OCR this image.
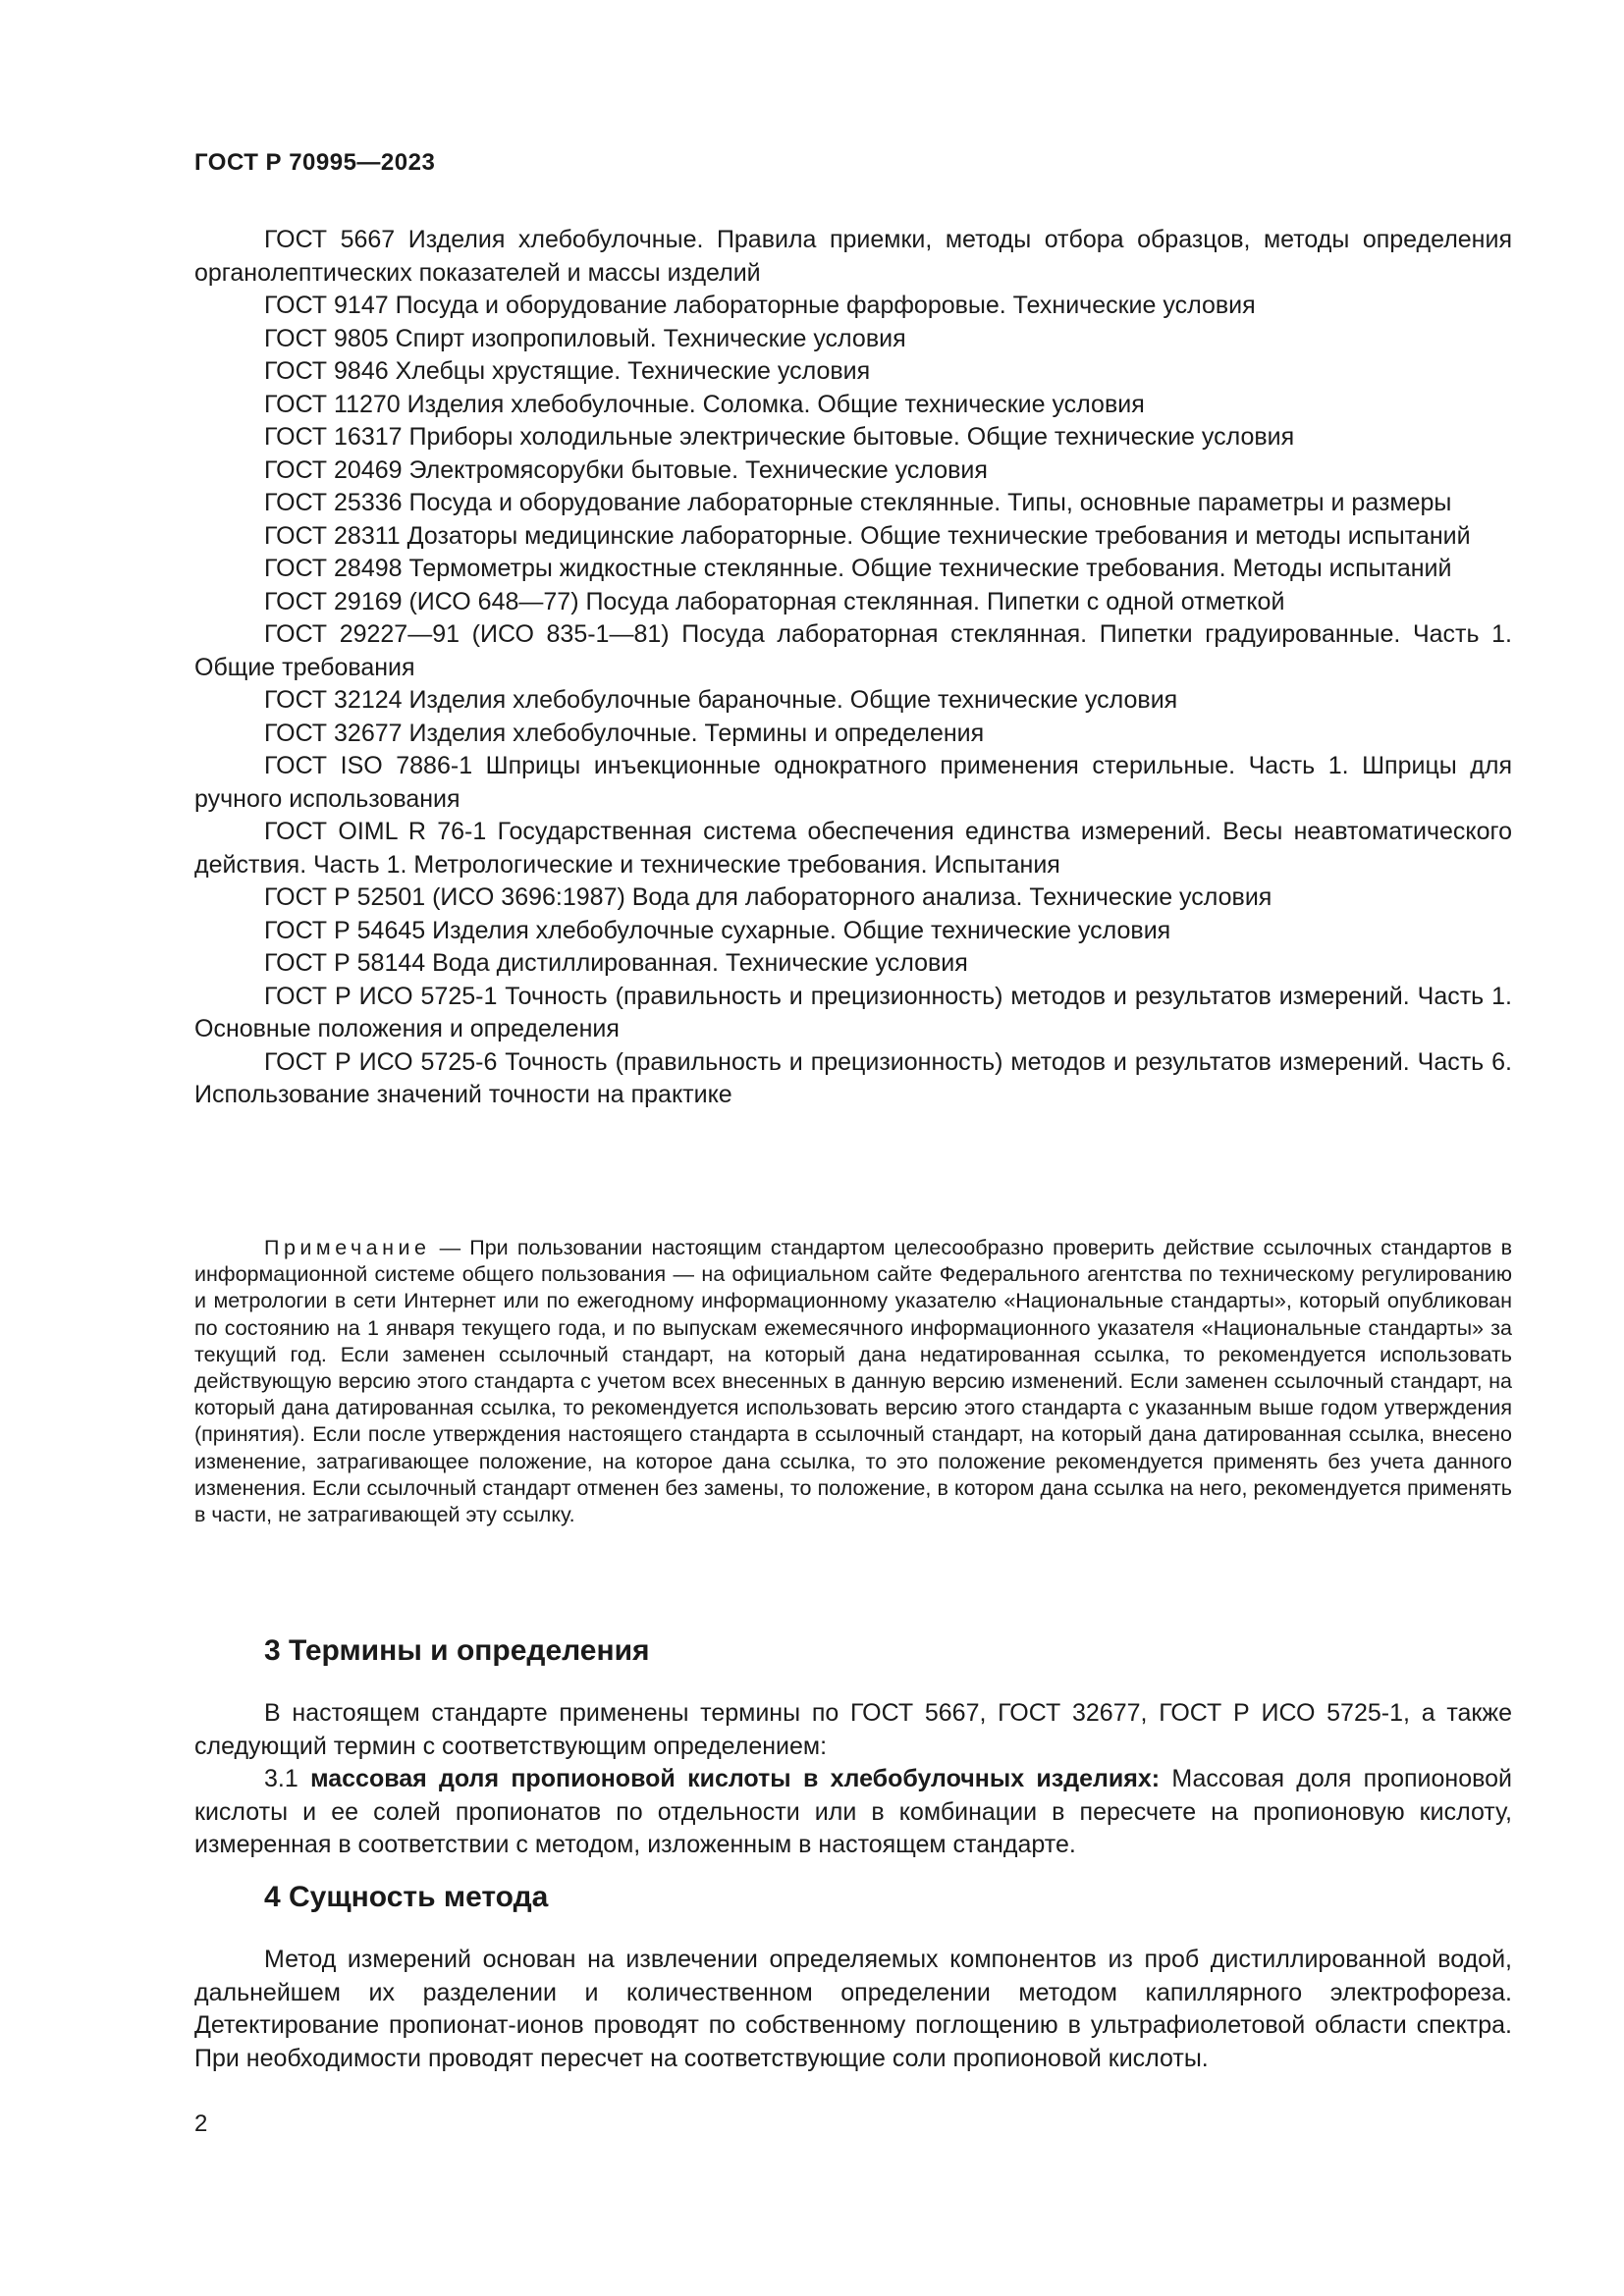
ГОСТ Р 70995—2023

ГОСТ 5667 Изделия хлебобулочные. Правила приемки, методы отбора образцов, методы определения органолептических показателей и массы изделий

ГОСТ 9147 Посуда и оборудование лабораторные фарфоровые. Технические условия

ГОСТ 9805 Спирт изопропиловый. Технические условия

ГОСТ 9846 Хлебцы хрустящие. Технические условия

ГОСТ 11270 Изделия хлебобулочные. Соломка. Общие технические условия

ГОСТ 16317 Приборы холодильные электрические бытовые. Общие технические условия

ГОСТ 20469 Электромясорубки бытовые. Технические условия

ГОСТ 25336 Посуда и оборудование лабораторные стеклянные. Типы, основные параметры и размеры

ГОСТ 28311 Дозаторы медицинские лабораторные. Общие технические требования и методы испытаний

ГОСТ 28498 Термометры жидкостные стеклянные. Общие технические требования. Методы испытаний

ГОСТ 29169 (ИСО 648—77) Посуда лабораторная стеклянная. Пипетки с одной отметкой

ГОСТ 29227—91 (ИСО 835-1—81) Посуда лабораторная стеклянная. Пипетки градуированные. Часть 1. Общие требования

ГОСТ 32124 Изделия хлебобулочные бараночные. Общие технические условия

ГОСТ 32677 Изделия хлебобулочные. Термины и определения

ГОСТ ISO 7886-1 Шприцы инъекционные однократного применения стерильные. Часть 1. Шприцы для ручного использования

ГОСТ OIML R 76-1 Государственная система обеспечения единства измерений. Весы неавтоматического действия. Часть 1. Метрологические и технические требования. Испытания

ГОСТ Р 52501 (ИСО 3696:1987) Вода для лабораторного анализа. Технические условия

ГОСТ Р 54645 Изделия хлебобулочные сухарные. Общие технические условия

ГОСТ Р 58144 Вода дистиллированная. Технические условия

ГОСТ Р ИСО 5725-1 Точность (правильность и прецизионность) методов и результатов измерений. Часть 1. Основные положения и определения

ГОСТ Р ИСО 5725-6 Точность (правильность и прецизионность) методов и результатов измерений. Часть 6. Использование значений точности на практике

Примечание — При пользовании настоящим стандартом целесообразно проверить действие ссылочных стандартов в информационной системе общего пользования — на официальном сайте Федерального агентства по техническому регулированию и метрологии в сети Интернет или по ежегодному информационному указателю «Национальные стандарты», который опубликован по состоянию на 1 января текущего года, и по выпускам ежемесячного информационного указателя «Национальные стандарты» за текущий год. Если заменен ссылочный стандарт, на который дана недатированная ссылка, то рекомендуется использовать действующую версию этого стандарта с учетом всех внесенных в данную версию изменений. Если заменен ссылочный стандарт, на который дана датированная ссылка, то рекомендуется использовать версию этого стандарта с указанным выше годом утверждения (принятия). Если после утверждения настоящего стандарта в ссылочный стандарт, на который дана датированная ссылка, внесено изменение, затрагивающее положение, на которое дана ссылка, то это положение рекомендуется применять без учета данного изменения. Если ссылочный стандарт отменен без замены, то положение, в котором дана ссылка на него, рекомендуется применять в части, не затрагивающей эту ссылку.

3 Термины и определения

В настоящем стандарте применены термины по ГОСТ 5667, ГОСТ 32677, ГОСТ Р ИСО 5725-1, а также следующий термин с соответствующим определением:

3.1 массовая доля пропионовой кислоты в хлебобулочных изделиях: Массовая доля пропионовой кислоты и ее солей пропионатов по отдельности или в комбинации в пересчете на пропионовую кислоту, измеренная в соответствии с методом, изложенным в настоящем стандарте.

4 Сущность метода

Метод измерений основан на извлечении определяемых компонентов из проб дистиллированной водой, дальнейшем их разделении и количественном определении методом капиллярного электрофореза. Детектирование пропионат-ионов проводят по собственному поглощению в ультрафиолетовой области спектра. При необходимости проводят пересчет на соответствующие соли пропионовой кислоты.

2
